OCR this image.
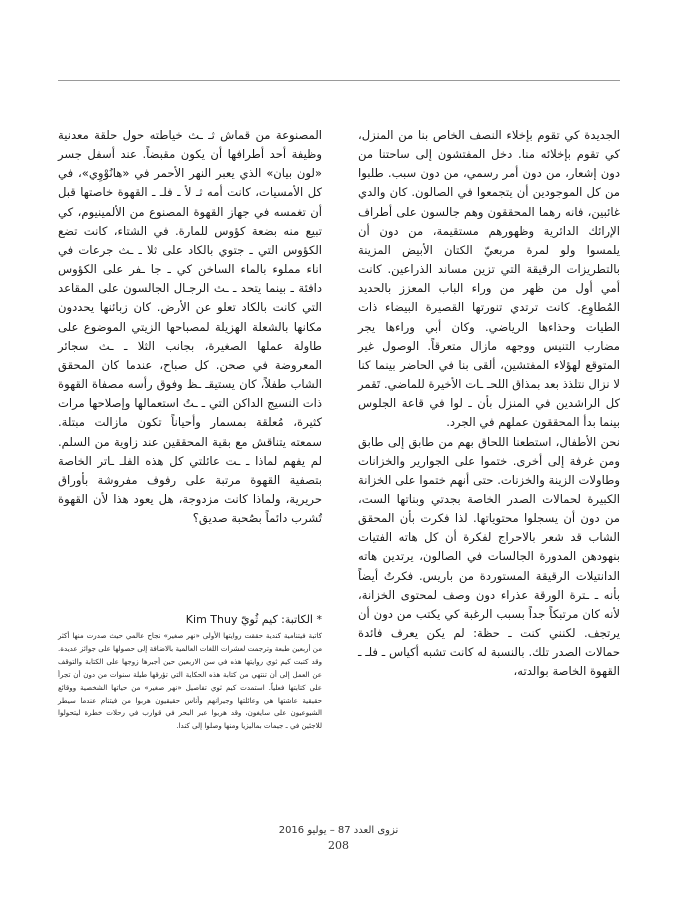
الجديدة كي تقوم بإخلاء النصف الخاص بنا من المنزل، كي تقوم بإخلائه منا. دخل المفتشون إلى ساحتنا من دون إشعار، من دون أمر رسمي، من دون سبب. طلبوا من كل الموجودين أن يتجمعوا في الصالون. كان والدي غائبين، فانه رهما المحققون وهم جالسون على أطراف الإرائك الدائرية وظهورهم مستقيمة، من دون أن يلمسوا ولو لمرة مربعيّ الكتان الأبيض المزينة بالتطريزات الرقيقة التي تزين مساند الذراعين. كانت أمي أول من ظهر من وراء الباب المعزز بالحديد المُطاوِع. كانت ترتدي تنورتها القصيرة البيضاء ذات الطيات وحذاءها الرياضي. وكان أبي وراءها يجر مضارب التنيس ووجهه مازال متعرقاً. الوصول غير المتوقع لهؤلاء المفتشين، ألقى بنا في الحاضر بينما كنا لا نزال نتلذذ بعد بمذاق اللحـ ـات الأخيرة للماضي. تَقمر كل الراشدين في المنزل بأن ـ لوا في قاعة الجلوس بينما بدأ المحققون عملهم في الجرد.

نحن الأطفال، استطعنا اللحاق بهم من طابق إلى طابق ومن غرفة إلى أخرى. ختموا على الجوارير والخزانات وطاولات الزينة والخزنات. حتى أنهم ختموا على الخزانة الكبيرة لحمالات الصدر الخاصة بجدتي وبناتها الست، من دون أن يسجلوا محتوياتها. لذا فكرت بأن المحقق الشاب قد شعر بالاحراج لفكرة أن كل هاته الفتيات بنهودهن المدورة الجالسات في الصالون، يرتدين هاته الدانتيلات الرقيقة المستوردة من باريس. فكرتُ أيضاً بأنه ـ ـترة الورقة عذراء دون وصف لمحتوى الخزانة، لأنه كان مرتبكاً جداً بسبب الرغبة كي يكتب من دون أن يرتجف. لكنني كنت ـ حظة: لم يكن يعرف فائدة حمالات الصدر تلك. بالنسبة له كانت تشبه أكياس ـ فلـ ـ القهوة الخاصة بوالدته،

المصنوعة من قماش ثـ ـث خياطته حول حلقة معدنية وظيفة أحد أطرافها أن يكون مقبضاً. عند أسفل جسر «لون بيان» الذي يعبر النهر الأحمر في «هانُوْوِي»، في كل الأمسيات، كانت أمه ثـ لأ ـ فلـ ـ القهوة خاصتها قبل أن تغمسه في جهاز القهوة المصنوع من الألمينيوم، كي تبيع منه بضعة كؤوس للمارة. في الشتاء، كانت تضع الكؤوس التي ـ جتوي بالكاد على ثلا ـ ـث جرعات في اناء مملوء بالماء الساخن كي ـ جا ـفر على الكؤوس دافئة ـ بينما يتحد ـ ـث الرجـال الجالسون على المقاعد التي كانت بالكاد تعلو عن الأرض. كان زبائنها يحددون مكانها بالشعلة الهزيلة لمصباحها الزيتي الموضوع على طاولة عملها الصغيرة، بجانب الثلا ـ ـث سجائر المعروضة في صحن. كل صباح، عندما كان المحقق الشاب طفلاً، كان يستيقـ ـظ وفوق رأسه مصفاة القهوة ذات النسيج الداكن التي ـ ـتُ استعمالها وإصلاحها مرات كثيرة، مُعلقة بمسمار وأحياناً تكون مازالت مبتلة. سمعته يتناقش مع بقية المحققين عند زاوية من السلم. لم يفهم لماذا ـ ـت عائلتي كل هذه الفلـ ـاتر الخاصة بتصفية القهوة مرتبة على رفوف مفروشة بأوراق حريرية، ولماذا كانت مزدوجة، هل يعود هذا لأن القهوة تُشرب دائماً بصُحبة صديق؟

* الكاتبة: كيم ثُويّ Kim Thuy

كاتبة فيتنامية كندية حققت روايتها الأولى «نهر صغير» نجاح عالمي حيث صدرت منها أكثر من أربعين طبعة وترجمت لعشرات اللغات العالمية بالاضافة إلى حصولها على جوائز عديدة. وقد كتبت كيم ثوي روايتها هذه في سن الاربعين حين أجبرها زوجها على الكتابة والتوقف عن العمل إلى أن تنتهي من كتابة هذه الحكاية التي تؤرقها طيلة سنوات من دون أن تجرأ على كتابتها فعلياً. استمدت كيم ثوي تفاصيل «نهر صغير» من حياتها الشخصية ووقائع حقيقية عاشتها هي وعائلتها وجيرانهم وأناس حقيقيون هربوا من فيتنام عندما سيطر الشيوعيون على سايغون، وقد هربوا عبر البحر في قوارب في رحلات خطرة ليتحولوا للاجئين في ـ جيمات بماليزيا ومنها وصلوا إلى كندا.

نزوى العدد 87 – يوليو 2016
208
